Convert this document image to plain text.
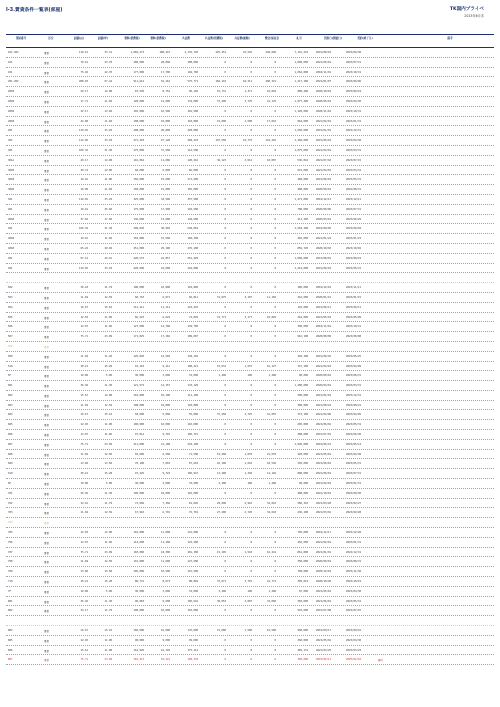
Ⅰ-3.賃貸条件一覧表(部屋)	TK国内プライベ
2023年6月末
部屋番号	区分	面積(㎡)	面積(坪)	賃料(消費税)	賃料(消費税)	共益費	共益費(消費税)	共益費(総額)	敷金/保証金	礼引	契約日(開始日)	契約(終了日)	備考
101-302	事業	110.15	33.31	1,882,473	188,247	2,135,720	225,451	22,545	248,096	7,116,233	2021/08/01	2023/06/30
101	事業	79.61	23.78	280,000	28,000	308,000	0	0	0	1,000,000	2021/06/01	2023/07/31
101	事業	75.92	22.70	177,000	17,700	194,700	0	0	0	1,062,000	2018/11/01	2023/10/31
201-302	事業	208.03	67.44	911,612	91,161	575,771	182,110	18,211	200,321	1,217,100	2021/01/07	2023/06/06
201B	事業	49.17	14.88	87,520	8,752	96,182	15,731	1,371	10,892	880,200	2020/10/01	2023/09/19
201B	事業	17.71	11.60	120,000	12,000	132,000	37,200	3,770	41,170	1,077,200	2020/05/01	2023/04/30
201B	事業	32.17	13.60	165,000	16,500	181,500	0	0	0	1,320,000	2020/11/01	2023/10/31
201B	事業	44.00	11.60	108,000	10,800	118,800	15,000	1,500	17,010	864,000	2021/02/01	2023/01/31
201	事業	110.65	33.29	208,000	20,800	228,800	0	0	0	1,650,000	2021/01/01	2022/12/31
301	事業	112.06	33.29	271,203	27,120	268,323	197,550	19,775	110,225	1,260,000	2021/05/01	2023/04/30
301	事業	106.32	31.30	375,000	37,500	112,500	0	0	0	1,875,000	2021/04/01	2023/03/31
301A	事業	49.17	14.88	116,864	11,686	128,216	36,123	3,612	18,087	536,816	2021/07/10	2023/07/15
301B	事業	30.74	12.00	60,000	6,000	66,000	0	0	0	615,000	2021/04/01	2023/03/31
301B	事業	19.16	11.80	156,000	15,600	171,600	0	0	0	468,000	2021/06/01	2023/05/31
301B	事業	16.00	11.60	150,000	15,000	165,000	0	0	0	480,000	2020/09/01	2022/08/31
301	事業	110.65	33.29	325,000	32,500	357,500	0	0	0	1,271,000	2019/12/13	2023/12/11
401	事業	19.16	25.60	175,000	17,500	192,500	0	0	0	700,000	2020/09/06	2023/07/31
401B	事業	37.81	17.60	136,000	13,600	149,600	0	0	0	411,320	2020/03/01	2023/02/29
401	事業	106.32	31.30	309,020	30,902	548,081	0	0	0	1,518,100	2019/09/05	2023/09/04
401B	事業	19.16	11.60	155,000	15,500	160,390	0	0	0	465,000	2021/01/24	2023/01/23
401B	事業	65.22	29.60	251,000	25,100	276,100	0	0	0	859,720	2020/10/03	2023/10/02
401	事業	97.12	29.16	228,572	22,857	251,429	0	0	0	1,060,000	2021/08/01	2023/08/19
401	事業	110.65	33.29	220,000	22,000	242,000	0	0	0	1,212,000	2021/06/01	2023/05/31
502	事業	36.18	11.79	108,000	10,800	118,800	0	0	0	380,000	2019/12/01	2023/11/11
503	事業	11.04	12.59	60,710	6,071	66,811	31,075	3,107	11,182	316,000	2020/01/16	2023/01/15
504	事業	16.67	15.10	111,111	11,111	122,222	0	0	0	125,000	2021/06/11	2023/06/11
505	事業	12.03	11.00	66,223	6,622	72,845	31,771	3,177	10,892	261,000	2021/05/10	2023/05/09
506	事業	14.87	11.06	127,000	12,700	139,700	0	0	0	300,000	2019/11/01	2023/10/31
507	事業	75.71	23.09	171,825	17,182	189,007	0	0	0	916,100	2020/08/09	2023/08/08
508	事業
509	事業	11.04	11.20	125,020	12,502	138,162	0	0	0	392,100	2021/06/26	2023/06/25
510	事業	30.21	15.28	91,110	9,111	100,221	15,031	1,557	16,127	347,100	2021/04/10	2023/04/09
5F	事業	19.00	5.00	30,000	3,000	33,000	1,400	100	1,200	90,000	2020/09/01	2023/08/31
601	事業	36.36	11.30	121,572	12,157	133,129	0	0	0	1,280,000	2020/04/01	2023/03/31
602	事業	15.67	14.88	101,000	10,100	111,100	0	0	0	500,000	2021/01/01	2023/12/31
603	事業	11.04	12.59	108,000	10,800	118,800	0	0	0	380,000	2021/08/22	2023/08/21
604	事業	16.67	15.10	50,000	5,000	55,000	37,250	3,725	41,087	372,100	2021/04/06	2023/04/05
605	事業	12.03	11.00	100,000	10,000	110,000	0	0	0	205,000	2021/06/01	2023/05/31
606	事業	14.87	11.06	97,014	9,701	106,715	0	0	0	388,000	2021/07/01	2023/06/30
607	事業	75.71	23.09	211,000	21,100	232,100	0	0	0	1,020,000	2019/05/15	2023/05/14
608	事業	11.69	12.50	65,000	6,500	71,500	19,200	1,870	21,070	420,000	2021/05/01	2023/04/30
609	事業	13.60	13.58	70,100	7,010	87,610	16,100	1,610	18,536	345,000	2021/06/01	2023/05/31
610	事業	30.21	15.28	97,225	9,722	106,947	13,400	1,340	14,126	800,000	2021/06/01	2023/07/31
6F	事業	19.00	5.00	30,000	3,000	33,000	3,400	100	1,200	90,000	2021/02/01	2023/01/31
701	事業	36.36	11.30	100,000	10,000	110,000	0	0	0	480,000	2021/10/01	2023/09/30
702	事業	34.16	11.79	73,660	7,366	81,026	29,090	2,910	32,010	586,310	2021/03/28	2023/02/27
703	事業	11.04	12.59	67,910	6,791	76,701	27,200	2,720	32,610	436,100	2021/03/01	2023/02/28
704	事業
705	事業	12.03	12.00	110,000	11,000	121,000	0	0	0	705,000	2019/12/17	2023/12/20
706	事業	14.87	11.06	112,000	11,200	123,200	0	0	0	455,000	2021/02/01	2023/01/31
707	事業	75.71	23.09	183,000	18,300	201,300	15,105	1,510	16,241	861,000	2021/01/01	2022/12/31
708	事業	11.69	12.50	116,000	11,600	127,600	0	0	0	350,000	2020/09/01	2023/08/31
709	事業	13.60	13.58	105,000	10,500	115,500	0	0	0	760,000	2020/12/01	2023/11/30
710	事業	30.21	15.28	80,731	8,073	88,804	37,071	3,707	41,772	305,012	2020/10/20	2023/10/19
7F	事業	19.00	5.00	30,000	3,000	33,000	3,400	100	1,200	87,000	2021/05/01	2023/04/30
801	事業	36.36	11.30	96,083	9,608	105,691	30,053	3,007	33,060	383,000	2021/06/01	2023/05/31
802	事業	34.17	11.79	100,000	10,000	110,000	0	0	0	510,000	2021/07/08	2023/07/07
804	事業	16.67	15.10	160,000	16,000	176,000	15,000	1,500	16,500	900,000	2019/09/17	2023/09/16
805	事業	12.03	11.00	90,000	9,000	99,000	0	0	0	360,000	2021/05/01	2023/04/30
806	事業	15.61	11.98	161,920	16,192	175,112	0	0	0	485,131	2021/03/25	2023/03/24
807	事業	75.71	23.09	181,213	18,121	199,334	0	0	0	300,000	2023/02/11	2025/02/10	解約
